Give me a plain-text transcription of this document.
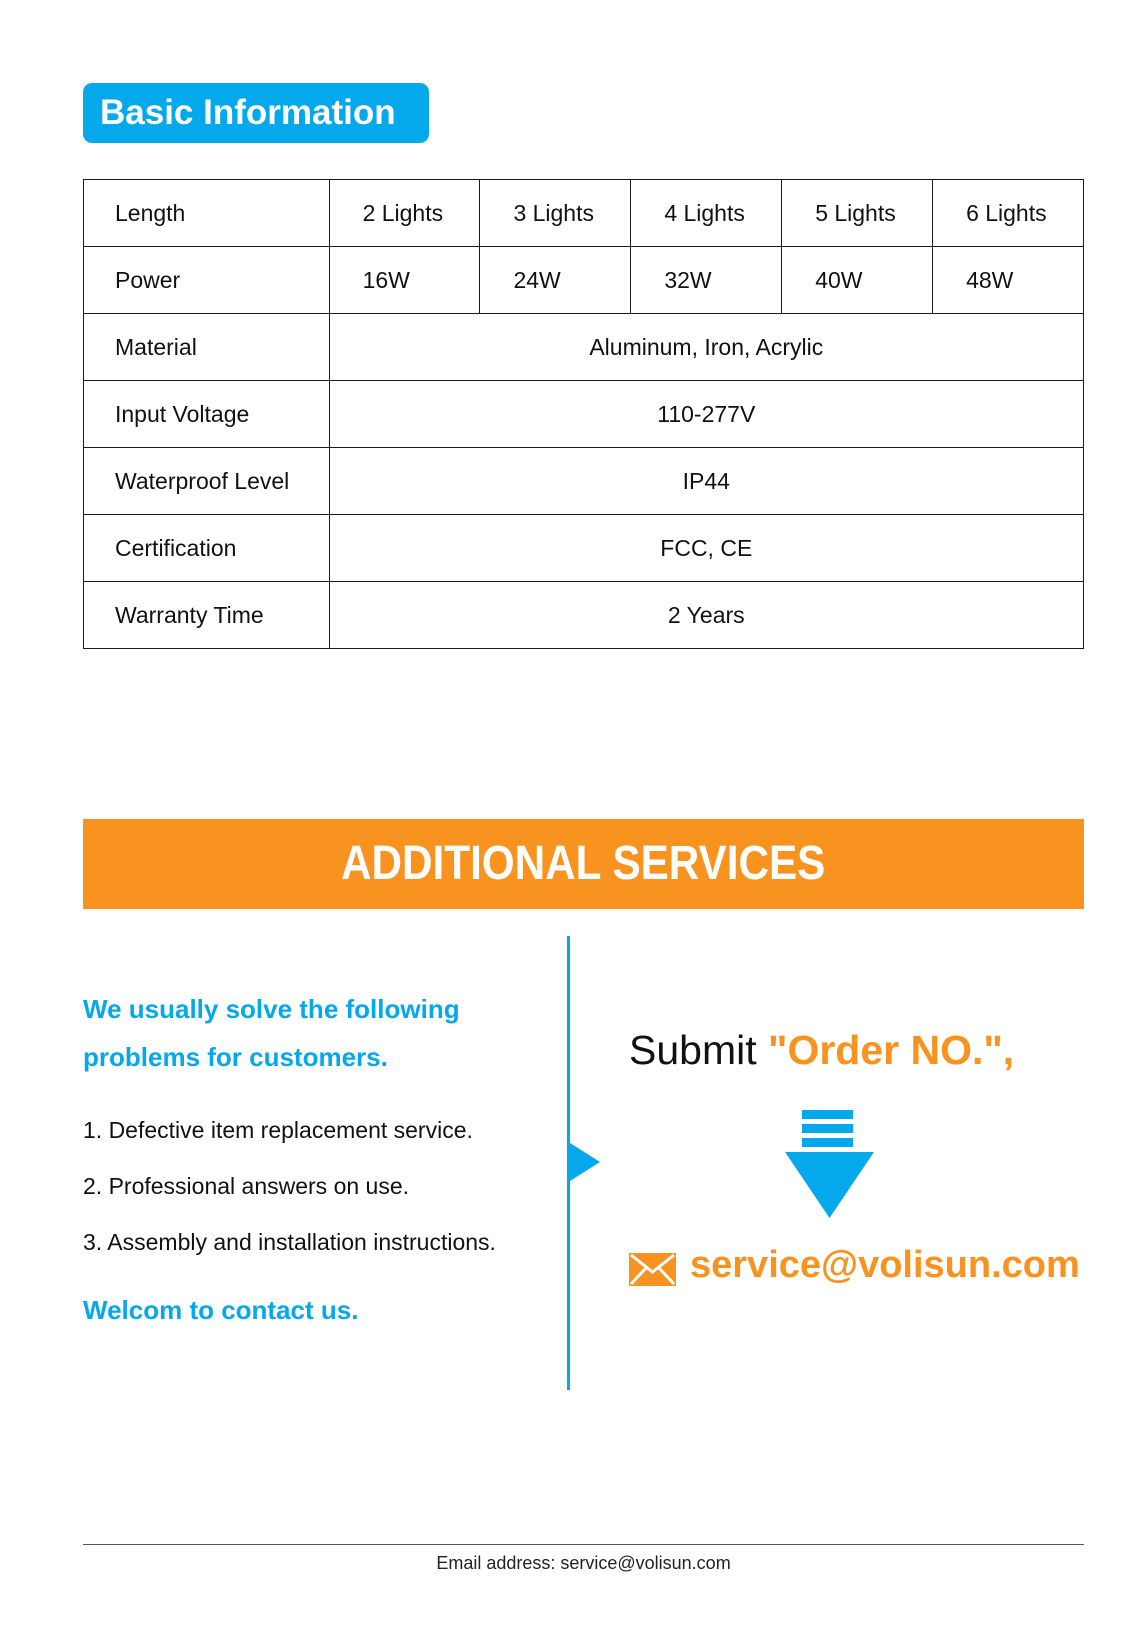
Basic Information
Length	2 Lights	3 Lights	4 Lights	5 Lights	6 Lights
Power	16W	24W	32W	40W	48W
Material	Aluminum, Iron, Acrylic				
Input Voltage	110-277V				
Waterproof Level	IP44				
Certification	FCC, CE				
Warranty Time	2 Years				
ADDITIONAL SERVICES
We usually solve the following
problems for customers.
1. Defective item replacement service.
2. Professional answers on use.
3. Assembly and installation instructions.
Welcom to contact us.
Submit "Order NO.",
service@volisun.com
Email address: service@volisun.com
